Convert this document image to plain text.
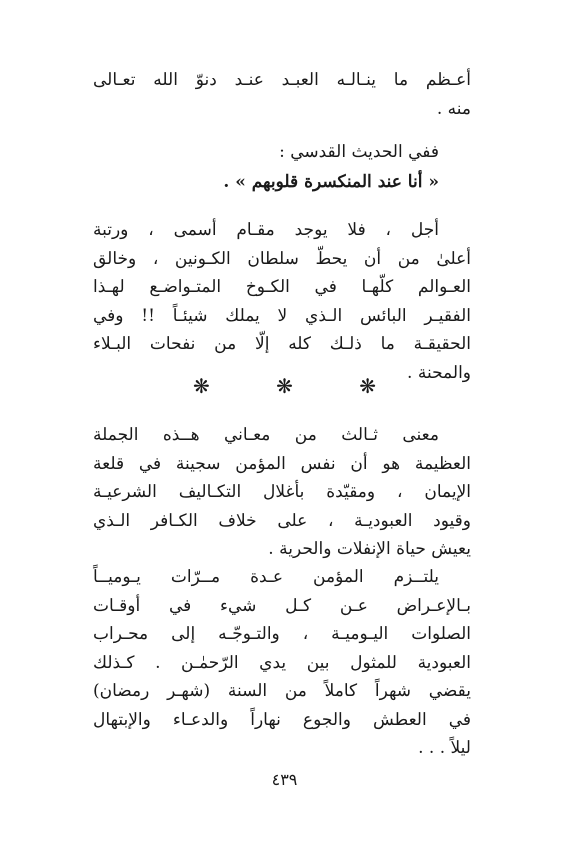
أعـظم ما ينـالـه العبـد عنـد دنوّ الله تعـالى
منه .
ففي الحديث القدسي :
« أنا عند المنكسرة قلوبهم » .
أجل ، فلا يوجد مقـام أسمى ، ورتبة
أعلىٰ من أن يحطّ سلطان الكـونين ، وخالق
العـوالم كلّهـا في الكـوخ المتـواضـع لهـذا
الفقيـر البائس الـذي لا يملك شيئـاً !! وفي
الحقيقـة ما ذلـك كله إلّا من نفحات البـلاء
والمحنة .
معنى ثـالث من معـاني هــذه الجملة
العظيمة هو أن نفس المؤمن سجينة في قلعة
الإيمان ، ومقيّدة بأغلال التكـاليف الشرعيـة
وقيود العبوديـة ، على خلاف الكـافر الـذي
يعيش حياة الإنفلات والحرية .
يلتــزم المؤمن عـدة مــرّات يـوميــاً
بـالإعـراض عـن كـل شيء في أوقـات
الصلوات اليـوميـة ، والتـوجّـه إلى محـراب
العبودية للمثول بين يدي الرّحمٰـن . كـذلك
يقضي شهراً كاملاً من السنة (شهـر رمضان)
في العطش والجوع نهاراً والدعـاء والإبتهال
ليلاً . . .
❋ ❋ ❋
٤٣٩
